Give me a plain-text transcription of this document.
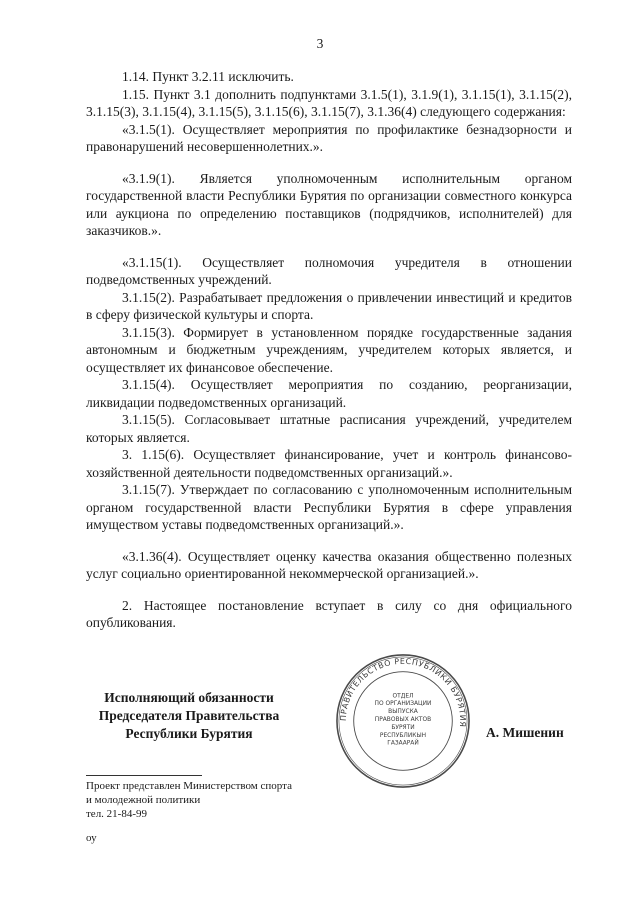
3

1.14. Пункт 3.2.11 исключить.

1.15. Пункт 3.1 дополнить подпунктами 3.1.5(1), 3.1.9(1), 3.1.15(1), 3.1.15(2), 3.1.15(3), 3.1.15(4), 3.1.15(5), 3.1.15(6), 3.1.15(7), 3.1.36(4) следующего содержания:

«3.1.5(1). Осуществляет мероприятия по профилактике безнадзорности и правонарушений несовершеннолетних.».

«3.1.9(1). Является уполномоченным исполнительным органом государственной власти Республики Бурятия по организации совместного конкурса или аукциона по определению поставщиков (подрядчиков, исполнителей) для заказчиков.».

«3.1.15(1). Осуществляет полномочия учредителя в отношении подведомственных учреждений.

3.1.15(2). Разрабатывает предложения о привлечении инвестиций и кредитов в сферу физической культуры и спорта.

3.1.15(3). Формирует в установленном порядке государственные задания автономным и бюджетным учреждениям, учредителем которых является, и осуществляет их финансовое обеспечение.

3.1.15(4). Осуществляет мероприятия по созданию, реорганизации, ликвидации подведомственных организаций.

3.1.15(5). Согласовывает штатные расписания учреждений, учредителем которых является.

3. 1.15(6). Осуществляет финансирование, учет и контроль финансово-хозяйственной деятельности подведомственных организаций.».

3.1.15(7). Утверждает по согласованию с уполномоченным исполнительным органом государственной власти Республики Бурятия в сфере управления имуществом уставы подведомственных организаций.».

«3.1.36(4). Осуществляет оценку качества оказания общественно полезных услуг социально ориентированной некоммерческой организацией.».

2. Настоящее постановление вступает в силу со дня официального опубликования.

Исполняющий обязанности
Председателя Правительства
Республики Бурятия
ПРАВИТЕЛЬСТВО РЕСПУБЛИКИ БУРЯТИЯ
ОТДЕЛ
ПО ОРГАНИЗАЦИИ
ВЫПУСКА
ПРАВОВЫХ АКТОВ
БУРЯТИ
РЕСПУБЛИКЫН
ГАЗААРАЙ
А. Мишенин
Проект представлен Министерством спорта
и молодежной политики
тел. 21-84-99
оу
